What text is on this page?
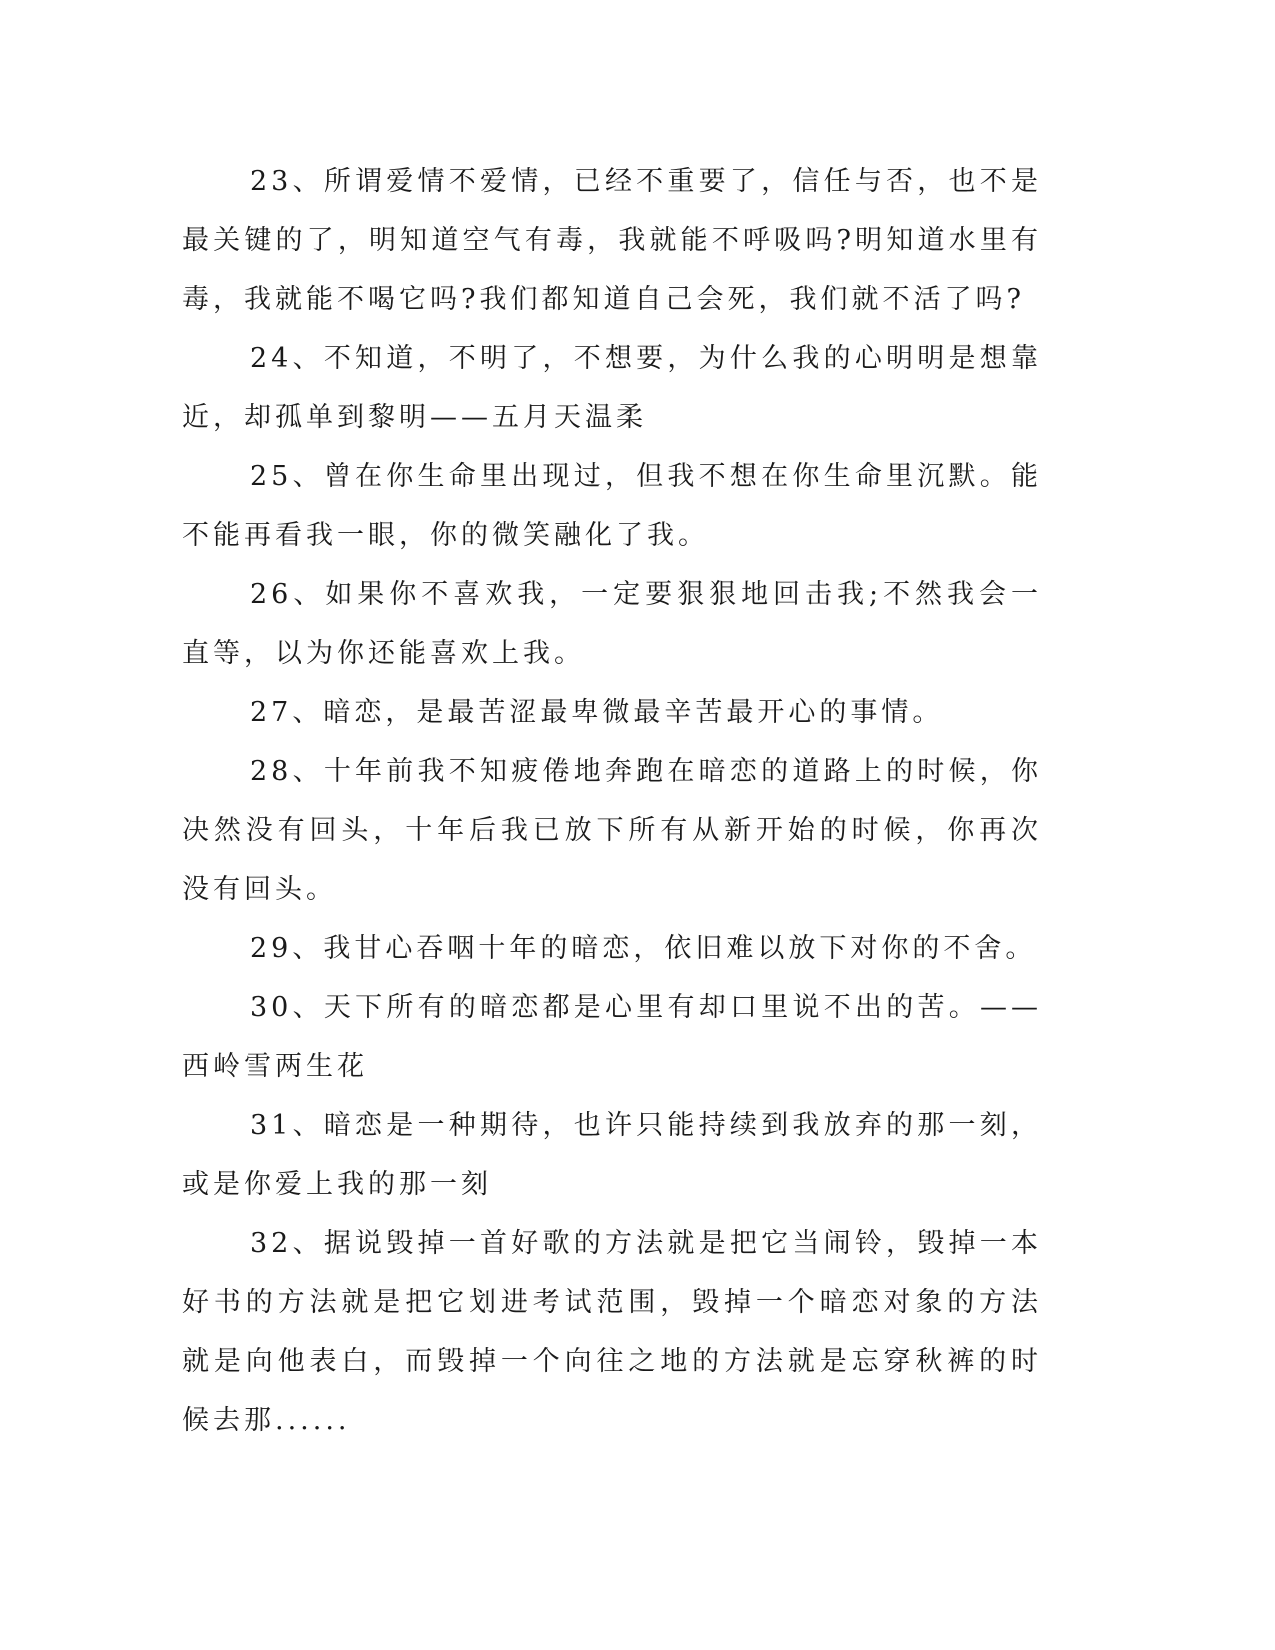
23、所谓爱情不爱情，已经不重要了，信任与否，也不是最关键的了，明知道空气有毒，我就能不呼吸吗?明知道水里有毒，我就能不喝它吗?我们都知道自己会死，我们就不活了吗?

24、不知道，不明了，不想要，为什么我的心明明是想靠近，却孤单到黎明——五月天温柔

25、曾在你生命里出现过，但我不想在你生命里沉默。能不能再看我一眼，你的微笑融化了我。

26、如果你不喜欢我，一定要狠狠地回击我;不然我会一直等，以为你还能喜欢上我。

27、暗恋，是最苦涩最卑微最辛苦最开心的事情。

28、十年前我不知疲倦地奔跑在暗恋的道路上的时候，你决然没有回头，十年后我已放下所有从新开始的时候，你再次没有回头。

29、我甘心吞咽十年的暗恋，依旧难以放下对你的不舍。

30、天下所有的暗恋都是心里有却口里说不出的苦。——西岭雪两生花

31、暗恋是一种期待，也许只能持续到我放弃的那一刻，或是你爱上我的那一刻

32、据说毁掉一首好歌的方法就是把它当闹铃，毁掉一本好书的方法就是把它划进考试范围，毁掉一个暗恋对象的方法就是向他表白，而毁掉一个向往之地的方法就是忘穿秋裤的时候去那......
